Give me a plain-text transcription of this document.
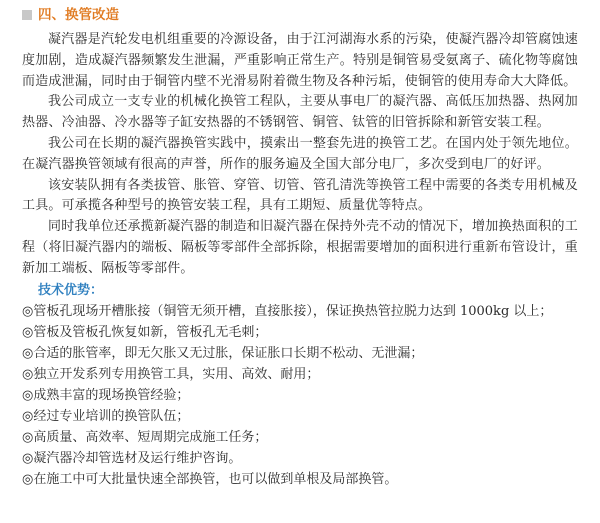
四、换管改造

凝汽器是汽轮发电机组重要的冷源设备，由于江河湖海水系的污染，使凝汽器冷却管腐蚀速度加剧，造成凝汽器频繁发生泄漏，严重影响正常生产。特别是铜管易受氨离子、硫化物等腐蚀而造成泄漏，同时由于铜管内壁不光滑易附着微生物及各种污垢，使铜管的使用寿命大大降低。

我公司成立一支专业的机械化换管工程队，主要从事电厂的凝汽器、高低压加热器、热网加热器、冷油器、冷水器等子缸安热器的不锈钢管、铜管、钛管的旧管拆除和新管安装工程。

我公司在长期的凝汽器换管实践中，摸索出一整套先进的换管工艺。在国内处于领先地位。在凝汽器换管领域有很高的声誉，所作的服务遍及全国大部分电厂，多次受到电厂的好评。

该安装队拥有各类拔管、胀管、穿管、切管、管孔清洗等换管工程中需要的各类专用机械及工具。可承揽各种型号的换管安装工程，具有工期短、质量优等特点。

同时我单位还承揽新凝汽器的制造和旧凝汽器在保持外壳不动的情况下，增加换热面积的工程（将旧凝汽器内的端板、隔板等零部件全部拆除，根据需要增加的面积进行重新布管设计，重新加工端板、隔板等零部件。

技术优势：
◎管板孔现场开槽胀接（铜管无须开槽，直接胀接），保证换热管拉脱力达到 1000kg 以上；
◎管板及管板孔恢复如新，管板孔无毛刺；
◎合适的胀管率，即无欠胀又无过胀，保证胀口长期不松动、无泄漏；
◎独立开发系列专用换管工具，实用、高效、耐用；
◎成熟丰富的现场换管经验；
◎经过专业培训的换管队伍；
◎高质量、高效率、短周期完成施工任务；
◎凝汽器冷却管选材及运行维护咨询。
◎在施工中可大批量快速全部换管，也可以做到单根及局部换管。
